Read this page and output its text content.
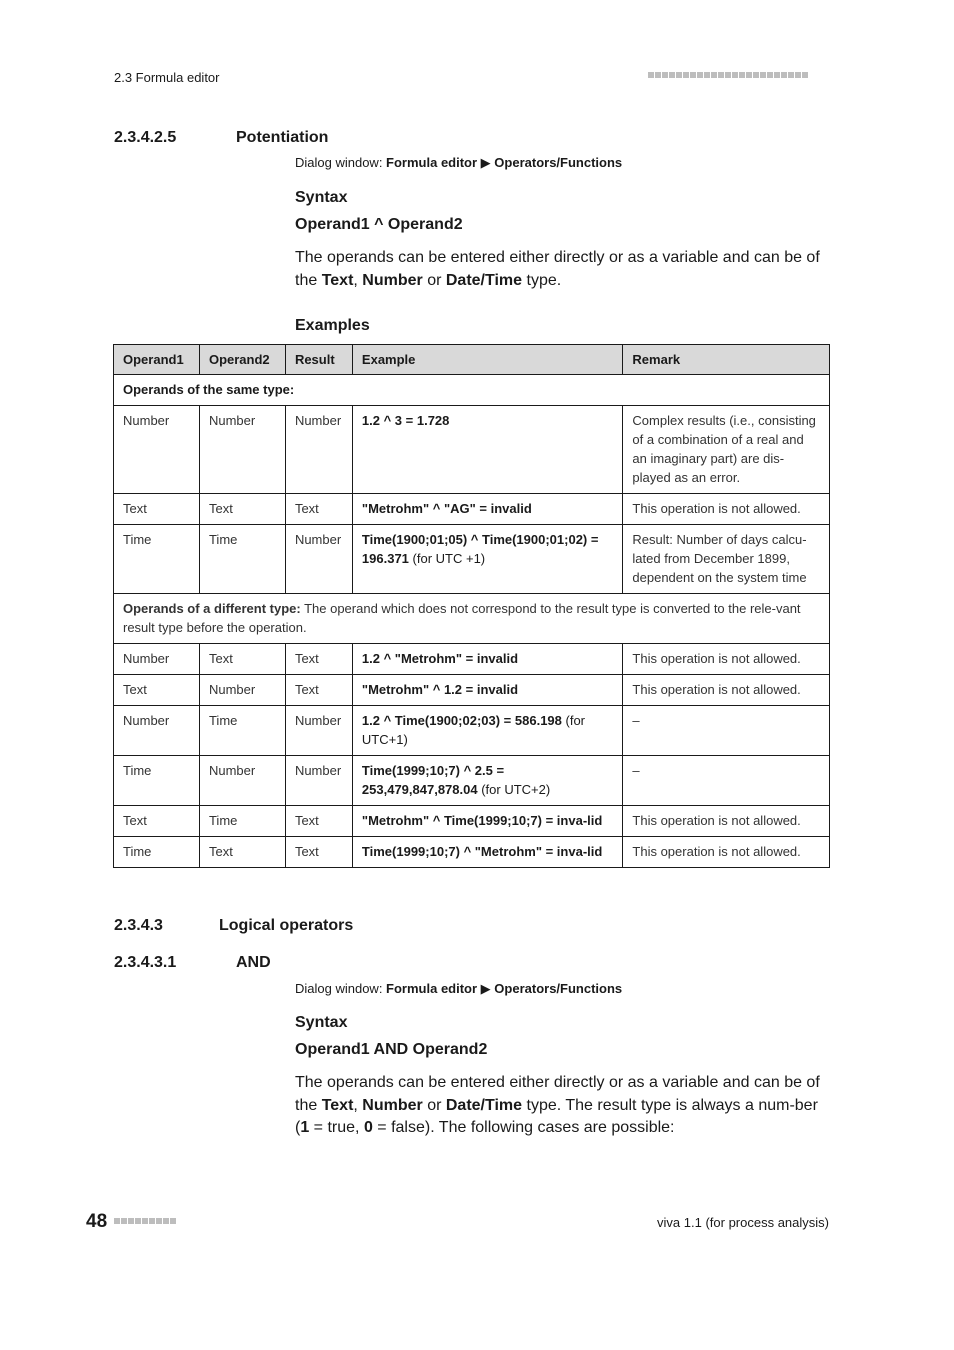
2.3 Formula editor
2.3.4.2.5	Potentiation
Dialog window: Formula editor ▶ Operators/Functions
Syntax
Operand1 ^ Operand2
The operands can be entered either directly or as a variable and can be of the Text, Number or Date/Time type.
Examples
Operand1	Operand2	Result	Example	Remark
Operands of the same type:				
Number	Number	Number	1.2 ^ 3 = 1.728	Complex results (i.e., consisting of a combination of a real and an imaginary part) are dis-played as an error.
Text	Text	Text	"Metrohm" ^ "AG" = invalid	This operation is not allowed.
Time	Time	Number	Time(1900;01;05) ^ Time(1900;01;02) = 196.371 (for UTC +1)	Result: Number of days calcu-lated from December 1899, dependent on the system time
Operands of a different type: The operand which does not correspond to the result type is converted to the rele-vant result type before the operation.				
Number	Text	Text	1.2 ^ "Metrohm" = invalid	This operation is not allowed.
Text	Number	Text	"Metrohm" ^ 1.2 = invalid	This operation is not allowed.
Number	Time	Number	1.2 ^ Time(1900;02;03) = 586.198 (for UTC+1)	–
Time	Number	Number	Time(1999;10;7) ^ 2.5 = 253,479,847,878.04 (for UTC+2)	–
Text	Time	Text	"Metrohm" ^ Time(1999;10;7) = inva-lid	This operation is not allowed.
Time	Text	Text	Time(1999;10;7) ^ "Metrohm" = inva-lid	This operation is not allowed.
2.3.4.3	Logical operators
2.3.4.3.1	AND
Dialog window: Formula editor ▶ Operators/Functions
Syntax
Operand1 AND Operand2
The operands can be entered either directly or as a variable and can be of the Text, Number or Date/Time type. The result type is always a num-ber (1 = true, 0 = false). The following cases are possible:
48	viva 1.1 (for process analysis)
